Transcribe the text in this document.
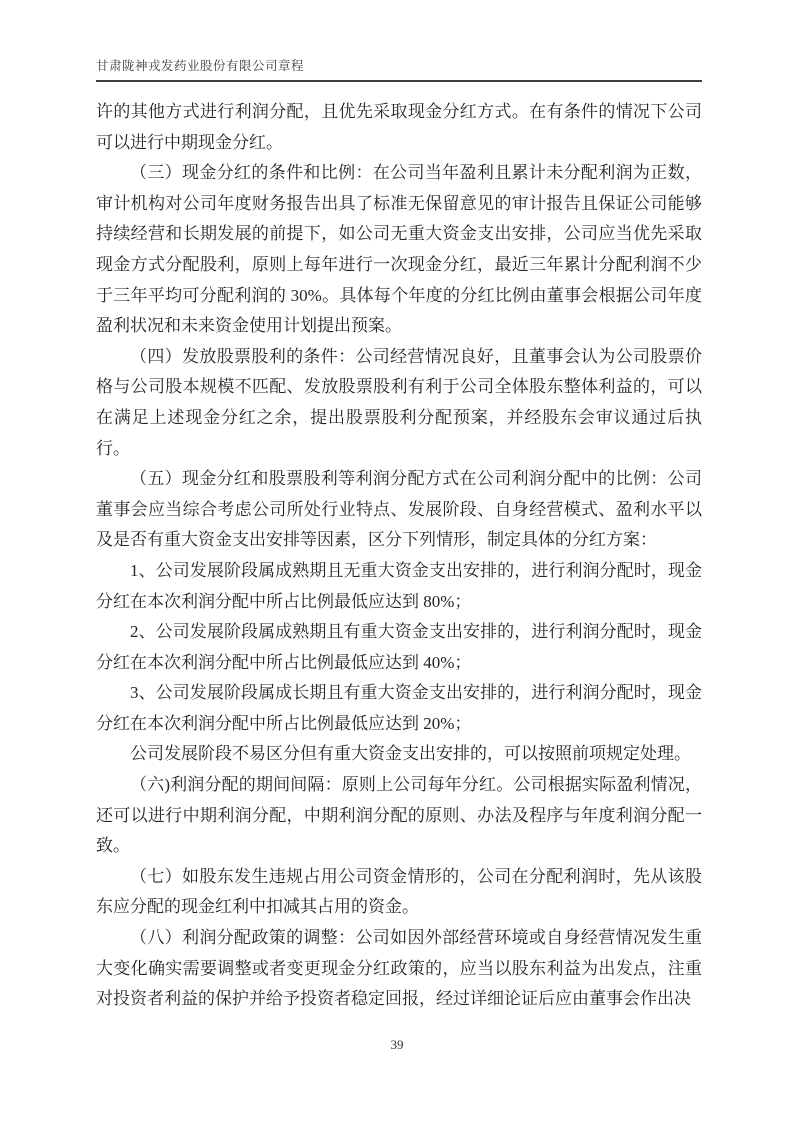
甘肃陇神戎发药业股份有限公司章程

许的其他方式进行利润分配，且优先采取现金分红方式。在有条件的情况下公司可以进行中期现金分红。

（三）现金分红的条件和比例：在公司当年盈利且累计未分配利润为正数，审计机构对公司年度财务报告出具了标准无保留意见的审计报告且保证公司能够持续经营和长期发展的前提下，如公司无重大资金支出安排，公司应当优先采取现金方式分配股利，原则上每年进行一次现金分红，最近三年累计分配利润不少于三年平均可分配利润的 30%。具体每个年度的分红比例由董事会根据公司年度盈利状况和未来资金使用计划提出预案。

（四）发放股票股利的条件：公司经营情况良好，且董事会认为公司股票价格与公司股本规模不匹配、发放股票股利有利于公司全体股东整体利益的，可以在满足上述现金分红之余，提出股票股利分配预案，并经股东会审议通过后执行。

（五）现金分红和股票股利等利润分配方式在公司利润分配中的比例：公司董事会应当综合考虑公司所处行业特点、发展阶段、自身经营模式、盈利水平以及是否有重大资金支出安排等因素，区分下列情形，制定具体的分红方案：

1、公司发展阶段属成熟期且无重大资金支出安排的，进行利润分配时，现金分红在本次利润分配中所占比例最低应达到 80%；

2、公司发展阶段属成熟期且有重大资金支出安排的，进行利润分配时，现金分红在本次利润分配中所占比例最低应达到 40%；

3、公司发展阶段属成长期且有重大资金支出安排的，进行利润分配时，现金分红在本次利润分配中所占比例最低应达到 20%；

公司发展阶段不易区分但有重大资金支出安排的，可以按照前项规定处理。

（六)利润分配的期间间隔：原则上公司每年分红。公司根据实际盈利情况，还可以进行中期利润分配，中期利润分配的原则、办法及程序与年度利润分配一致。

（七）如股东发生违规占用公司资金情形的，公司在分配利润时，先从该股东应分配的现金红利中扣减其占用的资金。

（八）利润分配政策的调整：公司如因外部经营环境或自身经营情况发生重大变化确实需要调整或者变更现金分红政策的，应当以股东利益为出发点，注重对投资者利益的保护并给予投资者稳定回报，经过详细论证后应由董事会作出决

39
